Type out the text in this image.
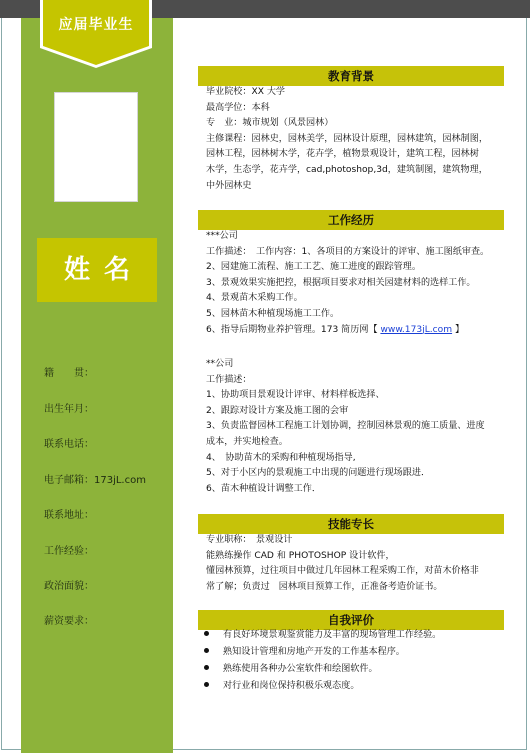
应届毕业生
姓名
籍　　贯：
出生年月：
联系电话：
电子邮箱：173jL.com
联系地址：
工作经验：
政治面貌：
薪资要求：
教育背景
毕业院校：XX 大学
最高学位：本科
专　业：城市规划（风景园林）
主修课程：园林史，园林美学，园林设计原理，园林建筑，园林制图，
园林工程，园林树木学，花卉学，植物景观设计，建筑工程，园林树
木学，生态学，花卉学，cad,photoshop,3d，建筑制图，建筑物理，
中外园林史
工作经历
***公司
工作描述：　工作内容：1、各项目的方案设计的评审、施工图纸审查。
2、园建施工流程、施工工艺、施工进度的跟踪管理。
3、景观效果实施把控，根据项目要求对相关园建材料的选样工作。
4、景观苗木采购工作。
5、园林苗木种植现场施工工作。
6、指导后期物业养护管理。173 简历网【 www.173jL.com 】
**公司
工作描述：
1、协助项目景观设计评审、材料样板选择、
2、跟踪对设计方案及施工图的会审
3、负责监督园林工程施工计划协调，控制园林景观的施工质量、进度
成本，并实地检查。
4、　协助苗木的采购和种植现场指导,
5、对于小区内的景观施工中出现的问题进行现场跟进．
6、苗木种植设计调整工作．
技能专长
专业职称：　景观设计
能熟练操作 CAD 和 PHOTOSHOP 设计软件，
懂园林预算，过往项目中做过几年园林工程采购工作，对苗木价格非
常了解；负责过　园林项目预算工作，正准备考造价证书。
自我评价
有良好环境景观鉴赏能力及丰富的现场管理工作经验。
熟知设计管理和房地产开发的工作基本程序。
熟练使用各种办公室软件和绘图软件。
对行业和岗位保持积极乐观态度。
